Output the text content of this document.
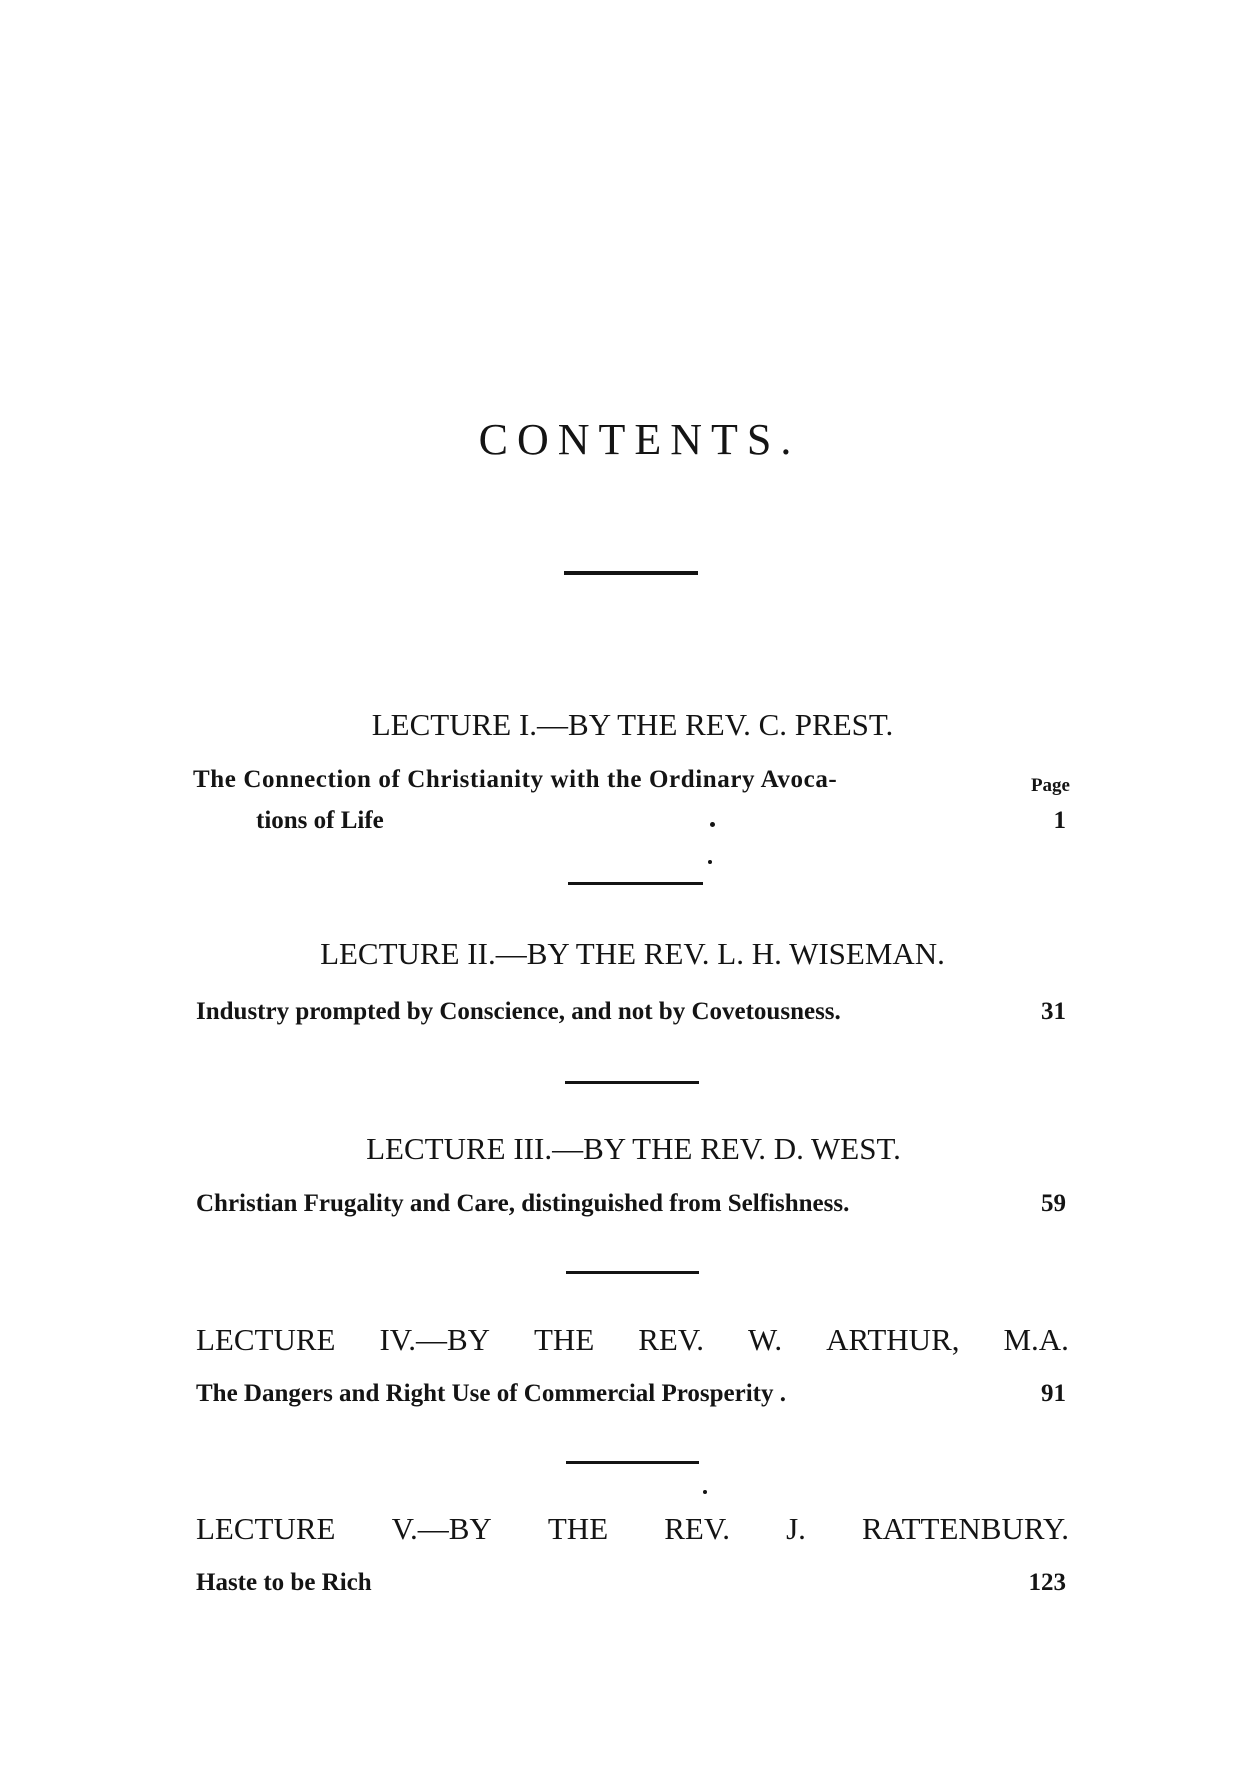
CONTENTS.
LECTURE I.—BY THE REV. C. PREST.
The Connection of Christianity with the Ordinary Avoca-	Page
tions of Life	1
LECTURE II.—BY THE REV. L. H. WISEMAN.
Industry prompted by Conscience, and not by Covetousness.	31
LECTURE III.—BY THE REV. D. WEST.
Christian Frugality and Care, distinguished from Selfishness.	59
LECTURE IV.—BY THE REV. W. ARTHUR, M.A.
The Dangers and Right Use of Commercial Prosperity .	91
LECTURE V.—BY THE REV. J. RATTENBURY.
Haste to be Rich	123
